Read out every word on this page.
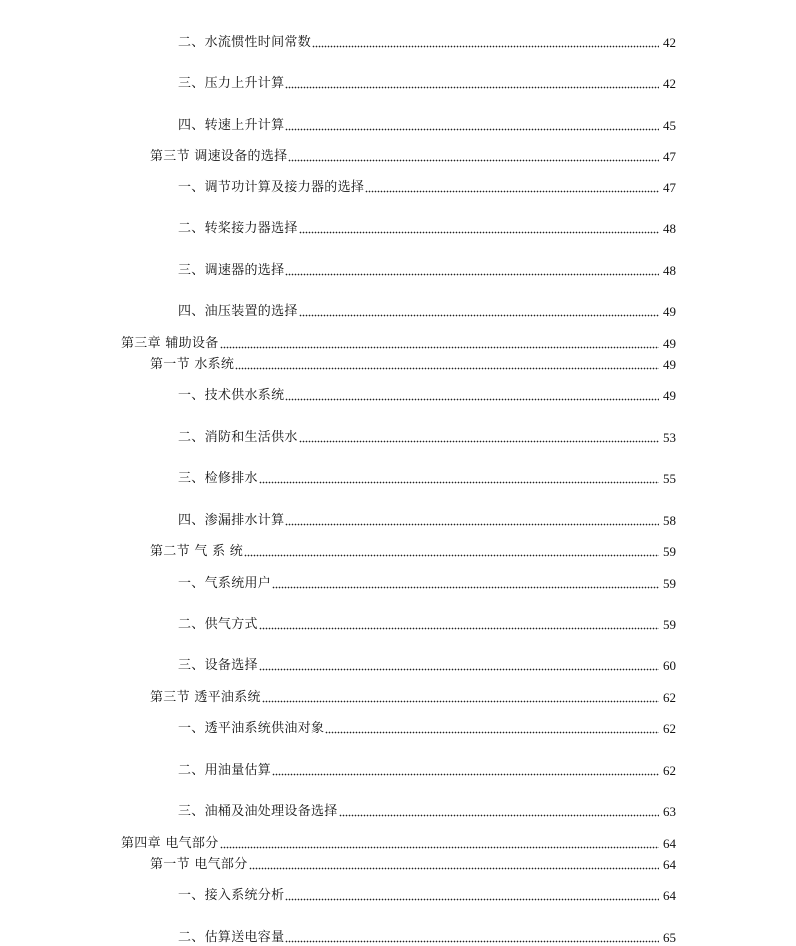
二、水流惯性时间常数	42
三、压力上升计算	42
四、转速上升计算	45
第三节 调速设备的选择	47
一、调节功计算及接力器的选择	47
二、转桨接力器选择	48
三、调速器的选择	48
四、油压装置的选择	49
第三章 辅助设备	49
第一节 水系统	49
一、技术供水系统	49
二、消防和生活供水	53
三、检修排水	55
四、渗漏排水计算	58
第二节 气 系 统	59
一、气系统用户	59
二、供气方式	59
三、设备选择	60
第三节 透平油系统	62
一、透平油系统供油对象	62
二、用油量估算	62
三、油桶及油处理设备选择	63
第四章 电气部分	64
第一节 电气部分	64
一、接入系统分析	64
二、估算送电容量	65
